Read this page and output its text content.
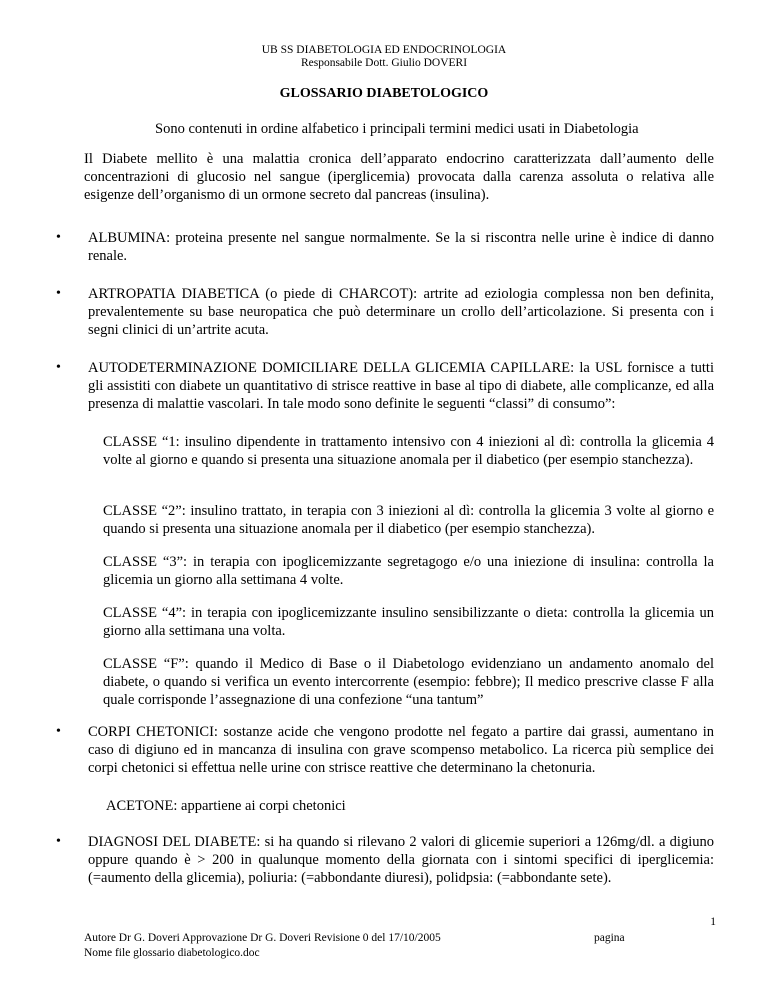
UB SS DIABETOLOGIA ED ENDOCRINOLOGIA
Responsabile Dott. Giulio DOVERI
GLOSSARIO DIABETOLOGICO
Sono contenuti in ordine alfabetico i principali termini medici usati in Diabetologia
Il Diabete mellito è una malattia cronica dell’apparato endocrino caratterizzata dall’aumento delle concentrazioni di glucosio nel sangue (iperglicemia) provocata dalla carenza assoluta o relativa alle esigenze dell’organismo di un ormone secreto dal pancreas (insulina).
• ALBUMINA: proteina presente nel sangue normalmente. Se la si riscontra nelle urine è indice di danno renale.
• ARTROPATIA DIABETICA (o piede di CHARCOT): artrite ad eziologia complessa non ben definita, prevalentemente su base neuropatica che può determinare un crollo dell’articolazione. Si presenta con i segni clinici di un’artrite acuta.
• AUTODETERMINAZIONE DOMICILIARE DELLA GLICEMIA CAPILLARE: la USL fornisce a tutti gli assistiti con diabete un quantitativo di strisce reattive in base al tipo di diabete, alle complicanze, ed alla presenza di malattie vascolari. In tale modo sono definite le seguenti “classi” di consumo”:
CLASSE “1: insulino dipendente in trattamento intensivo con 4 iniezioni al dì: controlla la glicemia 4 volte al giorno e quando si presenta una situazione anomala per il diabetico (per esempio stanchezza).
CLASSE “2”: insulino trattato, in terapia con 3 iniezioni al dì: controlla la glicemia 3 volte al giorno e quando si presenta una situazione anomala per il diabetico (per esempio stanchezza).
CLASSE “3”: in terapia con ipoglicemizzante segretagogo e/o una iniezione di insulina: controlla la glicemia un giorno alla settimana 4 volte.
CLASSE “4”: in terapia con ipoglicemizzante insulino sensibilizzante o dieta: controlla la glicemia un giorno alla settimana una volta.
CLASSE “F”: quando il Medico di Base o il Diabetologo evidenziano un andamento anomalo del diabete, o quando si verifica un evento intercorrente (esempio: febbre); Il medico prescrive classe F alla quale corrisponde l’assegnazione di una confezione “una tantum”
• CORPI CHETONICI: sostanze acide che vengono prodotte nel fegato a partire dai grassi, aumentano in caso di digiuno ed in mancanza di insulina con grave scompenso metabolico. La ricerca più semplice dei corpi chetonici si effettua nelle urine con strisce reattive che determinano la chetonuria.
ACETONE: appartiene ai corpi chetonici
• DIAGNOSI DEL DIABETE: si ha quando si rilevano 2 valori di glicemie superiori a 126mg/dl. a digiuno oppure quando è > 200 in qualunque momento della giornata con i sintomi specifici di iperglicemia: (=aumento della glicemia), poliuria: (=abbondante diuresi), polidpsia: (=abbondante sete).
1
Autore Dr G. Doveri Approvazione Dr G. Doveri Revisione 0 del 17/10/2005	pagina
Nome file glossario diabetologico.doc
